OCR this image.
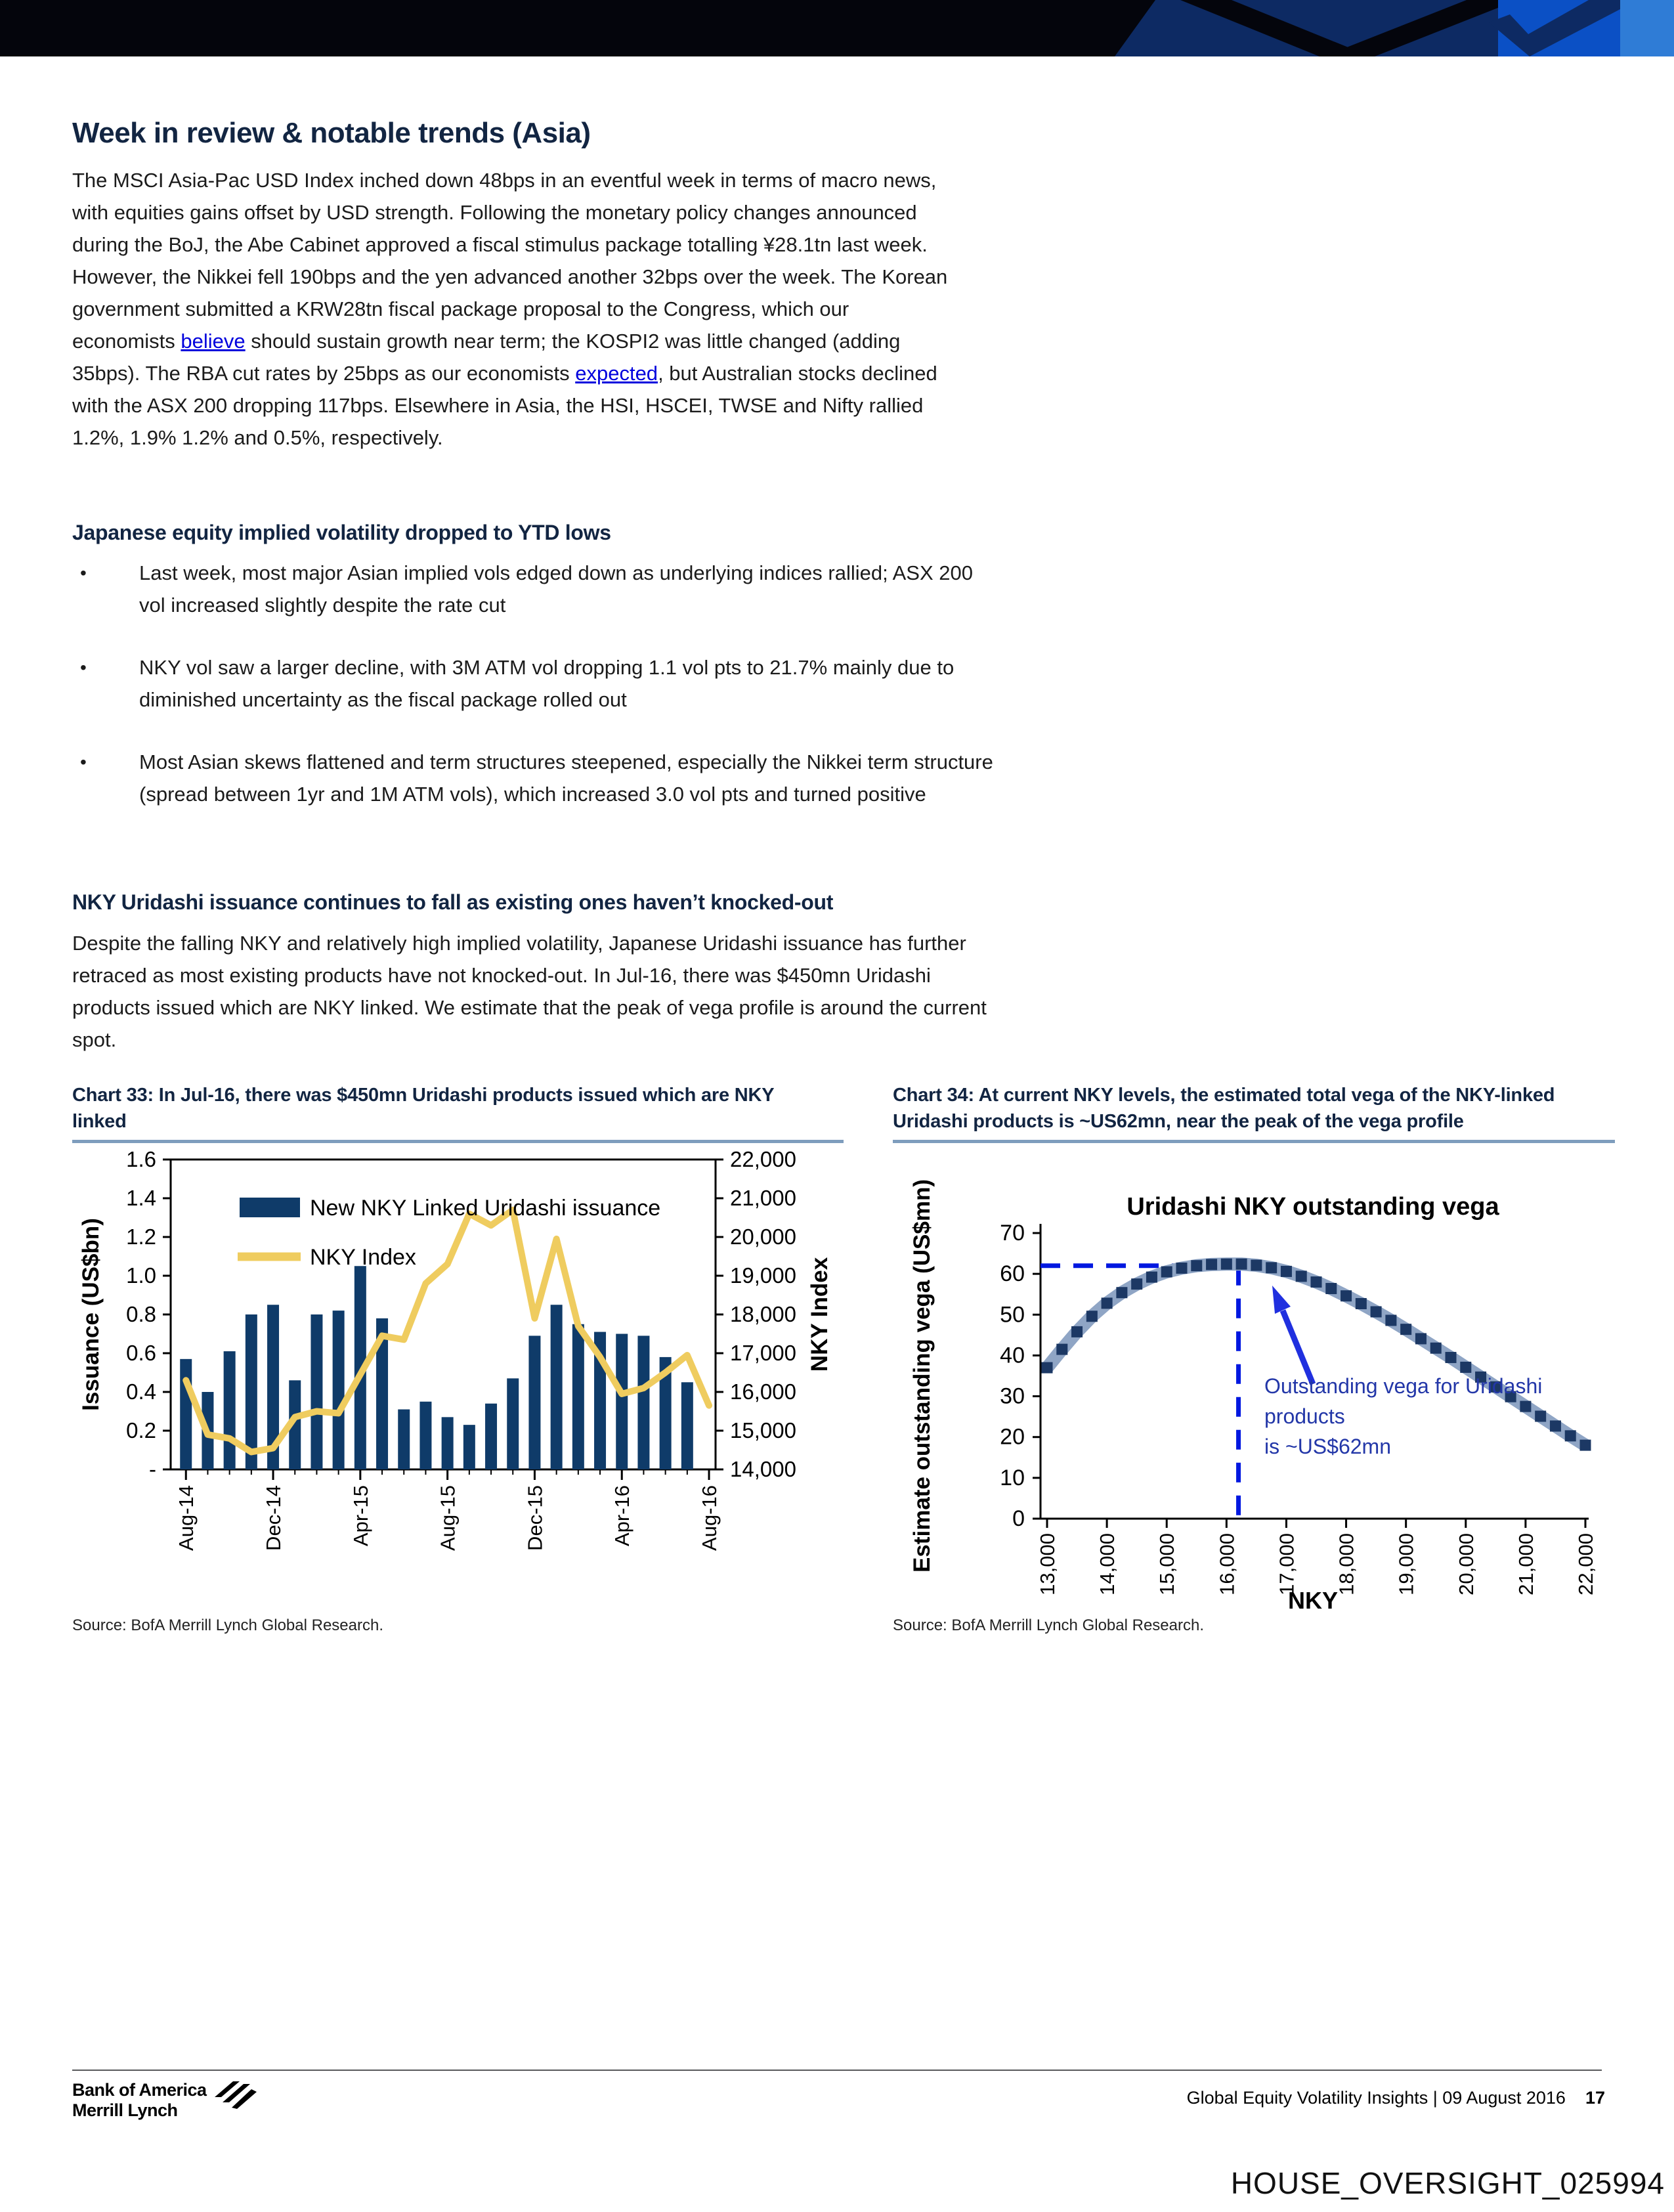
Week in review & notable trends (Asia)
The MSCI Asia-Pac USD Index inched down 48bps in an eventful week in terms of macro news, with equities gains offset by USD strength. Following the monetary policy changes announced during the BoJ, the Abe Cabinet approved a fiscal stimulus package totalling ¥28.1tn last week. However, the Nikkei fell 190bps and the yen advanced another 32bps over the week. The Korean government submitted a KRW28tn fiscal package proposal to the Congress, which our economists believe should sustain growth near term; the KOSPI2 was little changed (adding 35bps). The RBA cut rates by 25bps as our economists expected, but Australian stocks declined with the ASX 200 dropping 117bps. Elsewhere in Asia, the HSI, HSCEI, TWSE and Nifty rallied 1.2%, 1.9% 1.2% and 0.5%, respectively.
Japanese equity implied volatility dropped to YTD lows
•	Last week, most major Asian implied vols edged down as underlying indices rallied; ASX 200 vol increased slightly despite the rate cut
•	NKY vol saw a larger decline, with 3M ATM vol dropping 1.1 vol pts to 21.7% mainly due to diminished uncertainty as the fiscal package rolled out
•	Most Asian skews flattened and term structures steepened, especially the Nikkei term structure (spread between 1yr and 1M ATM vols), which increased 3.0 vol pts and turned positive
NKY Uridashi issuance continues to fall as existing ones haven’t knocked-out
Despite the falling NKY and relatively high implied volatility, Japanese Uridashi issuance has further retraced as most existing products have not knocked-out. In Jul-16, there was $450mn Uridashi products issued which are NKY linked. We estimate that the peak of vega profile is around the current spot.
Chart 33: In Jul-16, there was $450mn Uridashi products issued which are NKY linked
1.6
1.4
1.2
1.0
0.8
0.6
0.4
0.2
-
22,000
21,000
20,000
19,000
18,000
17,000
16,000
15,000
14,000
Aug-14	Dec-14	Apr-15	Aug-15	Dec-15	Apr-16	Aug-16
New NKY Linked Uridashi issuance
NKY Index
Issuance (US$bn)	NKY Index
Source: BofA Merrill Lynch Global Research.
Chart 34: At current NKY levels, the estimated total vega of the NKY-linked Uridashi products is ~US62mn, near the peak of the vega profile
Uridashi NKY outstanding vega
70
60
50
40
30
20
10
0
13,000 14,000 15,000 16,000 17,000 18,000 19,000 20,000 21,000 22,000
Outstanding vega for Uridashi
products
is ~US$62mn
NKY
Estimate outstanding vega (US$mn)
Source: BofA Merrill Lynch Global Research.
Bank of America
Merrill Lynch
Global Equity Volatility Insights | 09 August 2016 17
HOUSE_OVERSIGHT_025994
